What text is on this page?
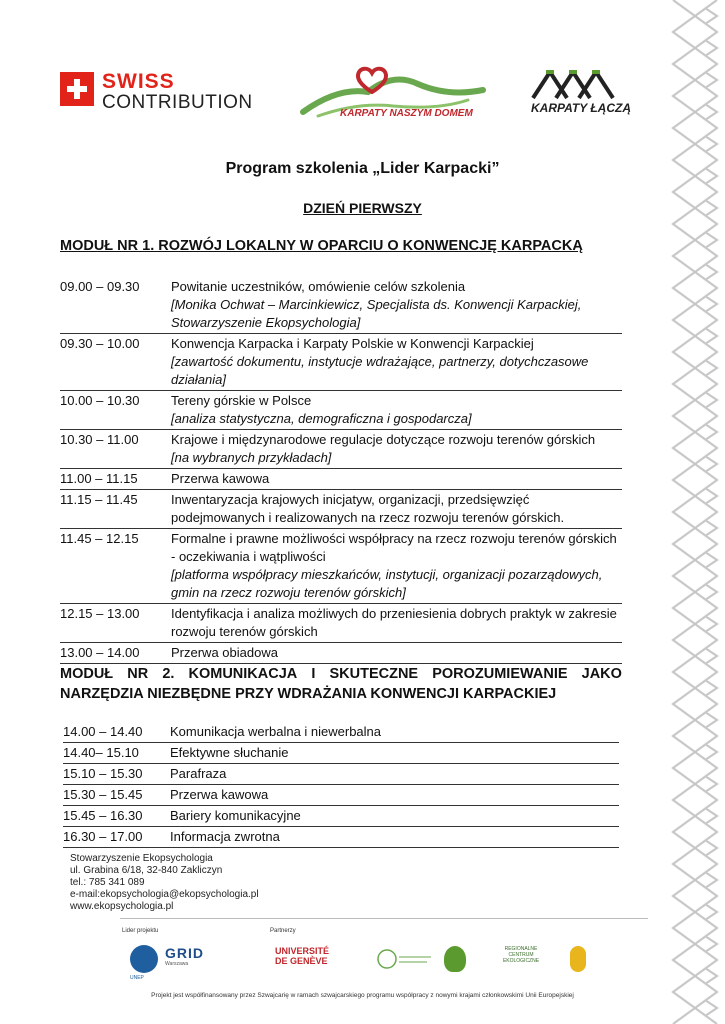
SWISS
CONTRIBUTION
KARPATY NASZYM DOMEM	KARPATY ŁĄCZĄ
Program szkolenia „Lider Karpacki”
DZIEŃ PIERWSZY
MODUŁ NR 1. ROZWÓJ LOKALNY W OPARCIU O KONWENCJĘ KARPACKĄ
09.00 – 09.30	Powitanie uczestników, omówienie celów szkolenia
[Monika Ochwat – Marcinkiewicz, Specjalista ds. Konwencji Karpackiej, Stowarzyszenie Ekopsychologia]
09.30 – 10.00	Konwencja Karpacka i Karpaty Polskie w Konwencji Karpackiej
[zawartość dokumentu, instytucje wdrażające, partnerzy, dotychczasowe działania]
10.00 – 10.30	Tereny górskie w Polsce
[analiza statystyczna, demograficzna i gospodarcza]
10.30 – 11.00	Krajowe i międzynarodowe regulacje dotyczące rozwoju terenów górskich
[na wybranych przykładach]
11.00 – 11.15	Przerwa kawowa
11.15 – 11.45	Inwentaryzacja krajowych inicjatyw, organizacji, przedsięwzięć podejmowanych i realizowanych na rzecz rozwoju terenów górskich.
11.45 – 12.15	Formalne i prawne możliwości współpracy na rzecz rozwoju terenów górskich - oczekiwania i wątpliwości
[platforma współpracy mieszkańców, instytucji, organizacji pozarządowych, gmin na rzecz rozwoju terenów górskich]
12.15 – 13.00	Identyfikacja i analiza możliwych do przeniesienia dobrych praktyk w zakresie rozwoju terenów górskich
13.00 – 14.00	Przerwa obiadowa
MODUŁ NR 2. KOMUNIKACJA I SKUTECZNE POROZUMIEWANIE JAKO
NARZĘDZIA NIEZBĘDNE PRZY WDRAŻANIA KONWENCJI KARPACKIEJ
14.00 – 14.40	Komunikacja werbalna i niewerbalna
14.40– 15.10	Efektywne słuchanie
15.10 – 15.30	Parafraza
15.30 – 15.45	Przerwa kawowa
15.45 – 16.30	Bariery komunikacyjne
16.30 – 17.00	Informacja zwrotna
Stowarzyszenie Ekopsychologia
ul. Grabina 6/18, 32-840 Zakliczyn
tel.: 785 341 089
e-mail:ekopsychologia@ekopsychologia.pl
www.ekopsychologia.pl
Lider projektu	Partnerzy
UNEP
GRID
Warszawa
UNIVERSITÉ
DE GENÈVE
REGIONALNE CENTRUM EKOLOGICZNE
Projekt jest współfinansowany przez Szwajcarię w ramach szwajcarskiego programu współpracy z nowymi krajami członkowskimi Unii Europejskiej
